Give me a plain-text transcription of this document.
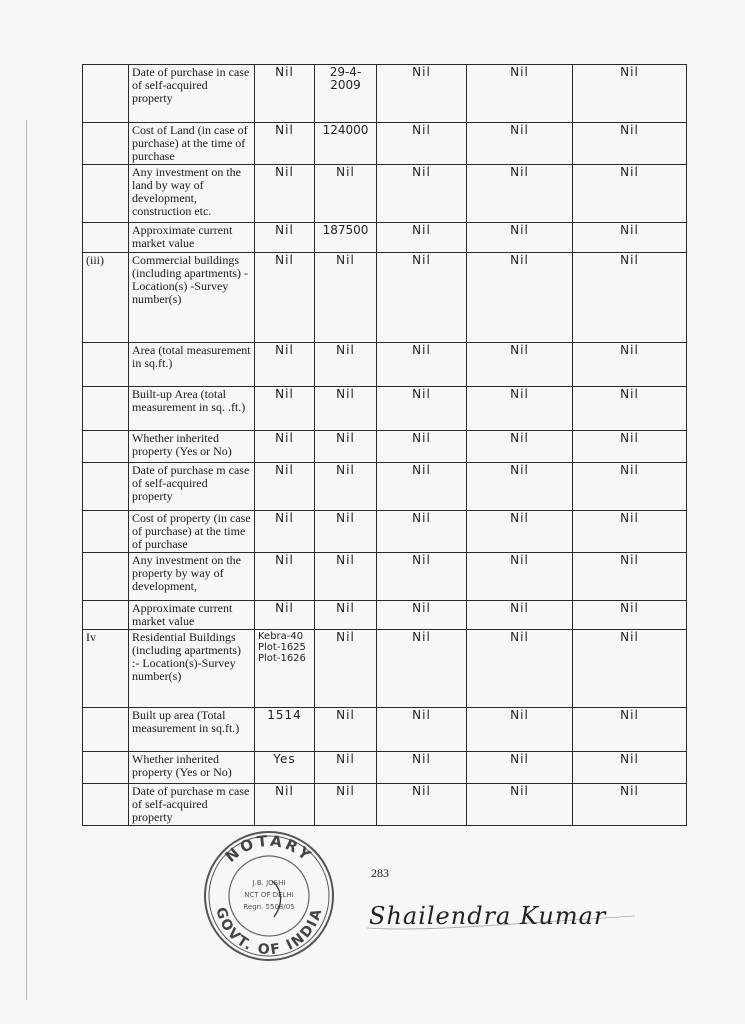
	Date of purchase in case of self-acquired property	Nil	29-4-2009	Nil	Nil	Nil
	Cost of Land (in case of purchase) at the time of purchase	Nil	124000	Nil	Nil	Nil
	Any investment on the land by way of development, construction etc.	Nil	Nil	Nil	Nil	Nil
	Approximate current market value	Nil	187500	Nil	Nil	Nil
(iii)	Commercial buildings (including apartments) -Location(s) -Survey number(s)	Nil	Nil	Nil	Nil	Nil
	Area (total measurement in sq.ft.)	Nil	Nil	Nil	Nil	Nil
	Built-up Area (total measurement in sq. .ft.)	Nil	Nil	Nil	Nil	Nil
	Whether inherited property (Yes or No)	Nil	Nil	Nil	Nil	Nil
	Date of purchase m case of self-acquired property	Nil	Nil	Nil	Nil	Nil
	Cost of property (in case of purchase) at the time of purchase	Nil	Nil	Nil	Nil	Nil
	Any investment on the property by way of development,	Nil	Nil	Nil	Nil	Nil
	Approximate current market value	Nil	Nil	Nil	Nil	Nil
Iv	Residential Buildings (including apartments) :- Location(s)-Survey number(s)	Kebra-40 Plot-1625 Plot-1626	Nil	Nil	Nil	Nil
	Built up area (Total measurement in sq.ft.)	1514	Nil	Nil	Nil	Nil
	Whether inherited property (Yes or No)	Yes	Nil	Nil	Nil	Nil
	Date of purchase m case of self-acquired property	Nil	Nil	Nil	Nil	Nil
NOTARY
GOVT. OF INDIA
J.B. JOSHI
NCT OF DELHI
Regn. 5508/05
283
Shailendra Kumar
